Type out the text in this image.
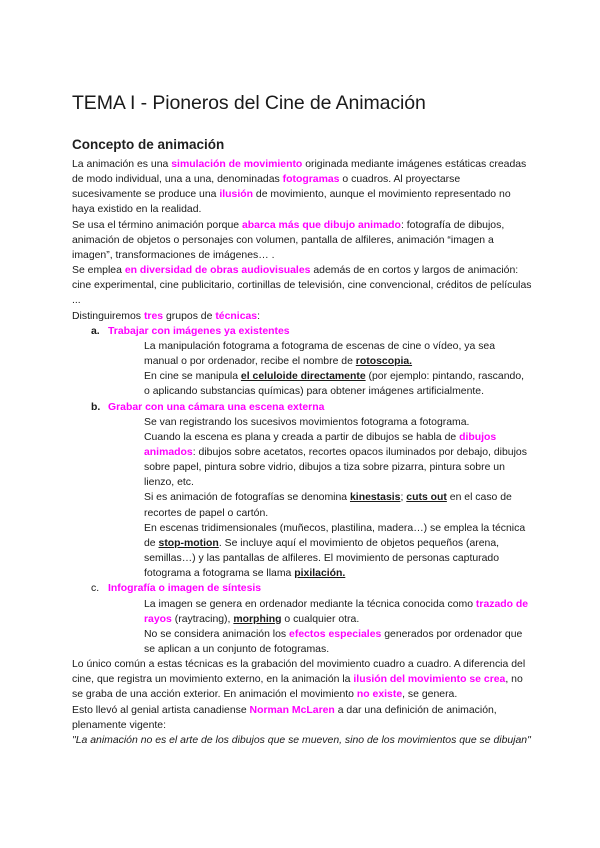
TEMA I - Pioneros del Cine de Animación
Concepto de animación

La animación es una simulación de movimiento originada mediante imágenes estáticas creadas de modo individual, una a una, denominadas fotogramas o cuadros. Al proyectarse sucesivamente se produce una ilusión de movimiento, aunque el movimiento representado no haya existido en la realidad.

Se usa el término animación porque abarca más que dibujo animado: fotografía de dibujos, animación de objetos o personajes con volumen, pantalla de alfileres, animación “imagen a imagen”, transformaciones de imágenes… .

Se emplea en diversidad de obras audiovisuales además de en cortos y largos de animación: cine experimental, cine publicitario, cortinillas de televisión, cine convencional, créditos de películas ...

Distinguiremos tres grupos de técnicas:

a. Trabajar con imágenes ya existentes

La manipulación fotograma a fotograma de escenas de cine o vídeo, ya sea manual o por ordenador, recibe el nombre de rotoscopia.

En cine se manipula el celuloide directamente (por ejemplo: pintando, rascando, o aplicando substancias químicas) para obtener imágenes artificialmente.

b. Grabar con una cámara una escena externa

Se van registrando los sucesivos movimientos fotograma a fotograma.

Cuando la escena es plana y creada a partir de dibujos se habla de dibujos animados: dibujos sobre acetatos, recortes opacos iluminados por debajo, dibujos sobre papel, pintura sobre vidrio, dibujos a tiza sobre pizarra, pintura sobre un lienzo, etc.

Si es animación de fotografías se denomina kinestasis; cuts out en el caso de recortes de papel o cartón.

En escenas tridimensionales (muñecos, plastilina, madera…) se emplea la técnica de stop-motion. Se incluye aquí el movimiento de objetos pequeños (arena, semillas…) y las pantallas de alfileres. El movimiento de personas capturado fotograma a fotograma se llama pixilación.

c. Infografía o imagen de síntesis

La imagen se genera en ordenador mediante la técnica conocida como trazado de rayos (raytracing), morphing o cualquier otra.

No se considera animación los efectos especiales generados por ordenador que se aplican a un conjunto de fotogramas.

Lo único común a estas técnicas es la grabación del movimiento cuadro a cuadro. A diferencia del cine, que registra un movimiento externo, en la animación la ilusión del movimiento se crea, no se graba de una acción exterior. En animación el movimiento no existe, se genera.

Esto llevó al genial artista canadiense Norman McLaren a dar una definición de animación, plenamente vigente:

"La animación no es el arte de los dibujos que se mueven, sino de los movimientos que se dibujan"
